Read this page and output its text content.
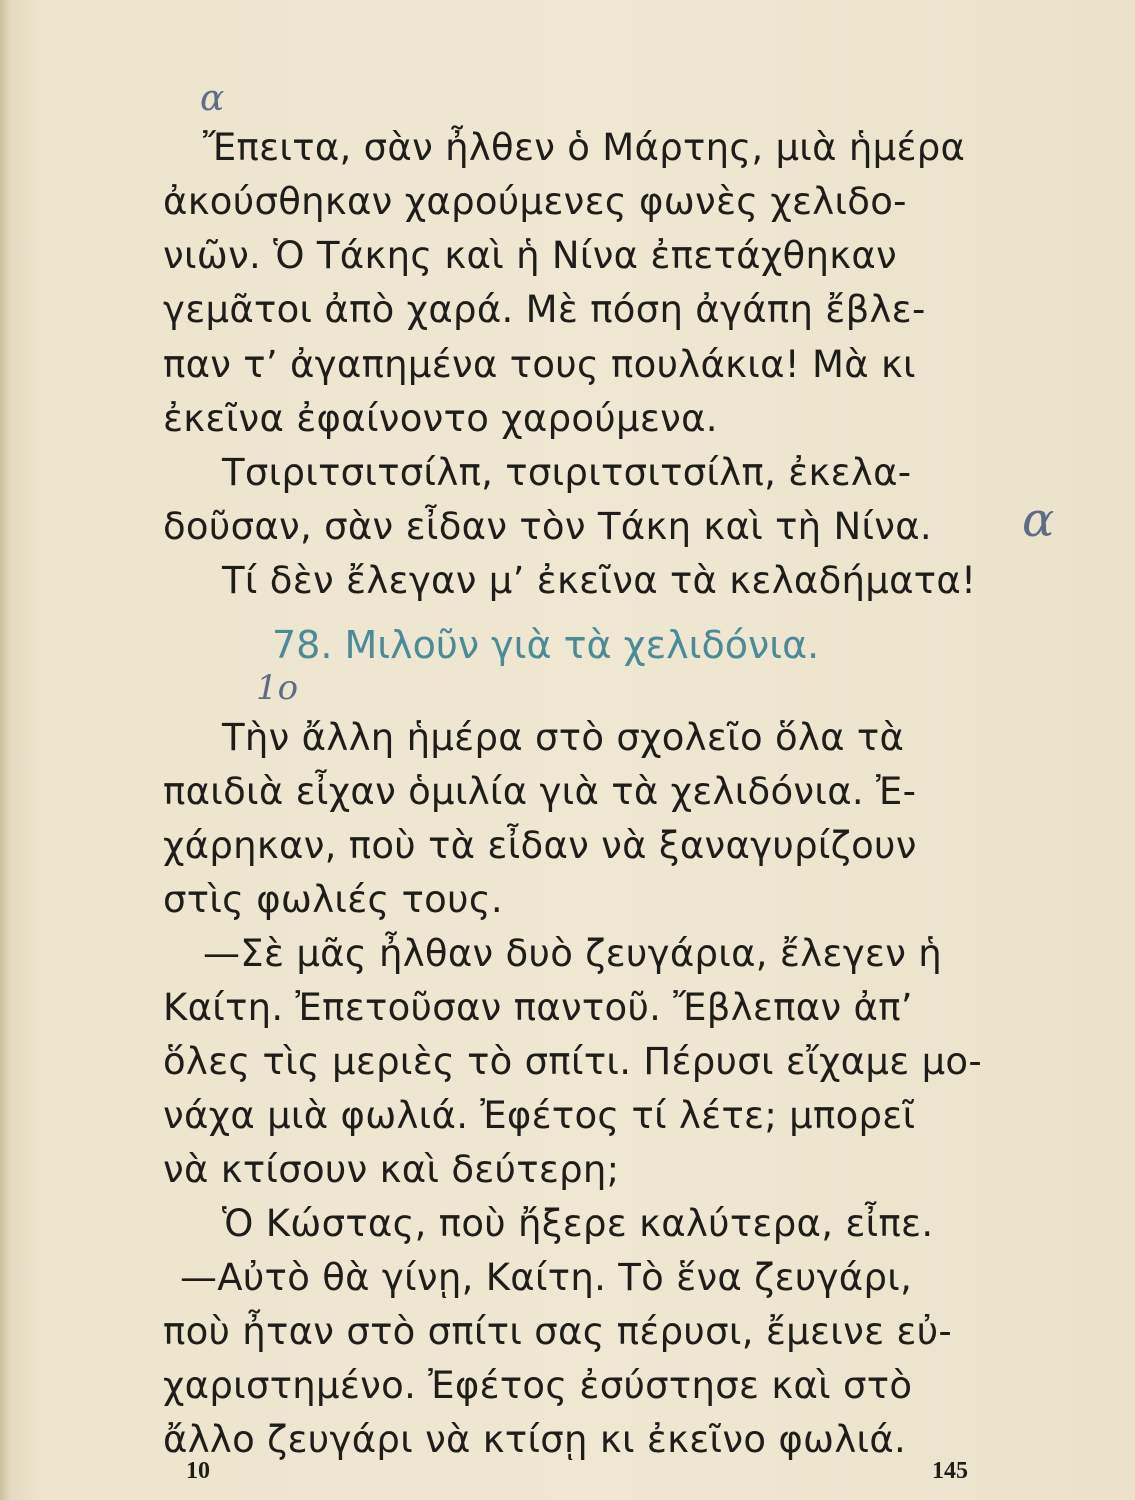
α
α
1o
Ἔπειτα, σὰν ἦλθεν ὁ Μάρτης, μιὰ ἡμέρα
ἀκούσθηκαν χαρούμενες φωνὲς χελιδο-
νιῶν. Ὁ Τάκης καὶ ἡ Νίνα ἐπετάχθηκαν
γεμᾶτοι ἀπὸ χαρά. Μὲ πόση ἀγάπη ἔβλε-
παν τ’ ἀγαπημένα τους πουλάκια! Μὰ κι
ἐκεῖνα ἐφαίνοντο χαρούμενα.
Τσιριτσιτσίλπ, τσιριτσιτσίλπ, ἐκελα-
δοῦσαν, σὰν εἶδαν τὸν Τάκη καὶ τὴ Νίνα.
Τί δὲν ἔλεγαν μ’ ἐκεῖνα τὰ κελαδήματα!
78. Μιλοῦν γιὰ τὰ χελιδόνια.
Τὴν ἄλλη ἡμέρα στὸ σχολεῖο ὅλα τὰ
παιδιὰ εἶχαν ὁμιλία γιὰ τὰ χελιδόνια. Ἐ-
χάρηκαν, ποὺ τὰ εἶδαν νὰ ξαναγυρίζουν
στὶς φωλιές τους.
—Σὲ μᾶς ἦλθαν δυὸ ζευγάρια, ἔλεγεν ἡ
Καίτη. Ἐπετοῦσαν παντοῦ. Ἔβλεπαν ἀπ’
ὅλες τὶς μεριὲς τὸ σπίτι. Πέρυσι εἴχαμε μο-
νάχα μιὰ φωλιά. Ἐφέτος τί λέτε; μπορεῖ
νὰ κτίσουν καὶ δεύτερη;
Ὁ Κώστας, ποὺ ἤξερε καλύτερα, εἶπε.
—Αὐτὸ θὰ γίνῃ, Καίτη. Τὸ ἕνα ζευγάρι,
ποὺ ἦταν στὸ σπίτι σας πέρυσι, ἔμεινε εὐ-
χαριστημένο. Ἐφέτος ἐσύστησε καὶ στὸ
ἄλλο ζευγάρι νὰ κτίσῃ κι ἐκεῖνο φωλιά.
10	145
